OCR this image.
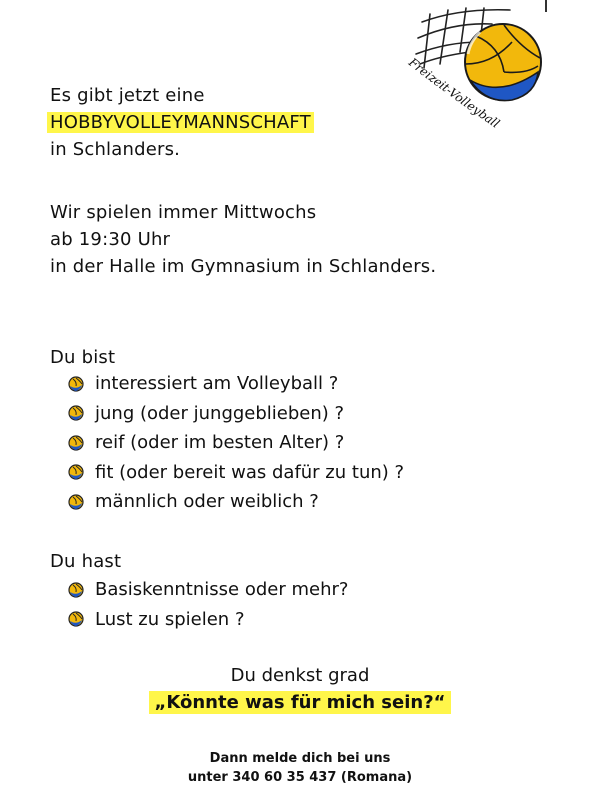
Freizeit-Volleyball
Es gibt jetzt eine
HOBBYVOLLEYMANNSCHAFT
in Schlanders.
Wir spielen immer Mittwochs
ab 19:30 Uhr
in der Halle im Gymnasium in Schlanders.
Du bist
interessiert am Volleyball ?
jung (oder junggeblieben) ?
reif (oder im besten Alter) ?
fit (oder bereit was dafür zu tun) ?
männlich oder weiblich ?
Du hast
Basiskenntnisse oder mehr?
Lust zu spielen ?
Du denkst grad
„Könnte was für mich sein?“
Dann melde dich bei uns
unter 340 60 35 437 (Romana)
